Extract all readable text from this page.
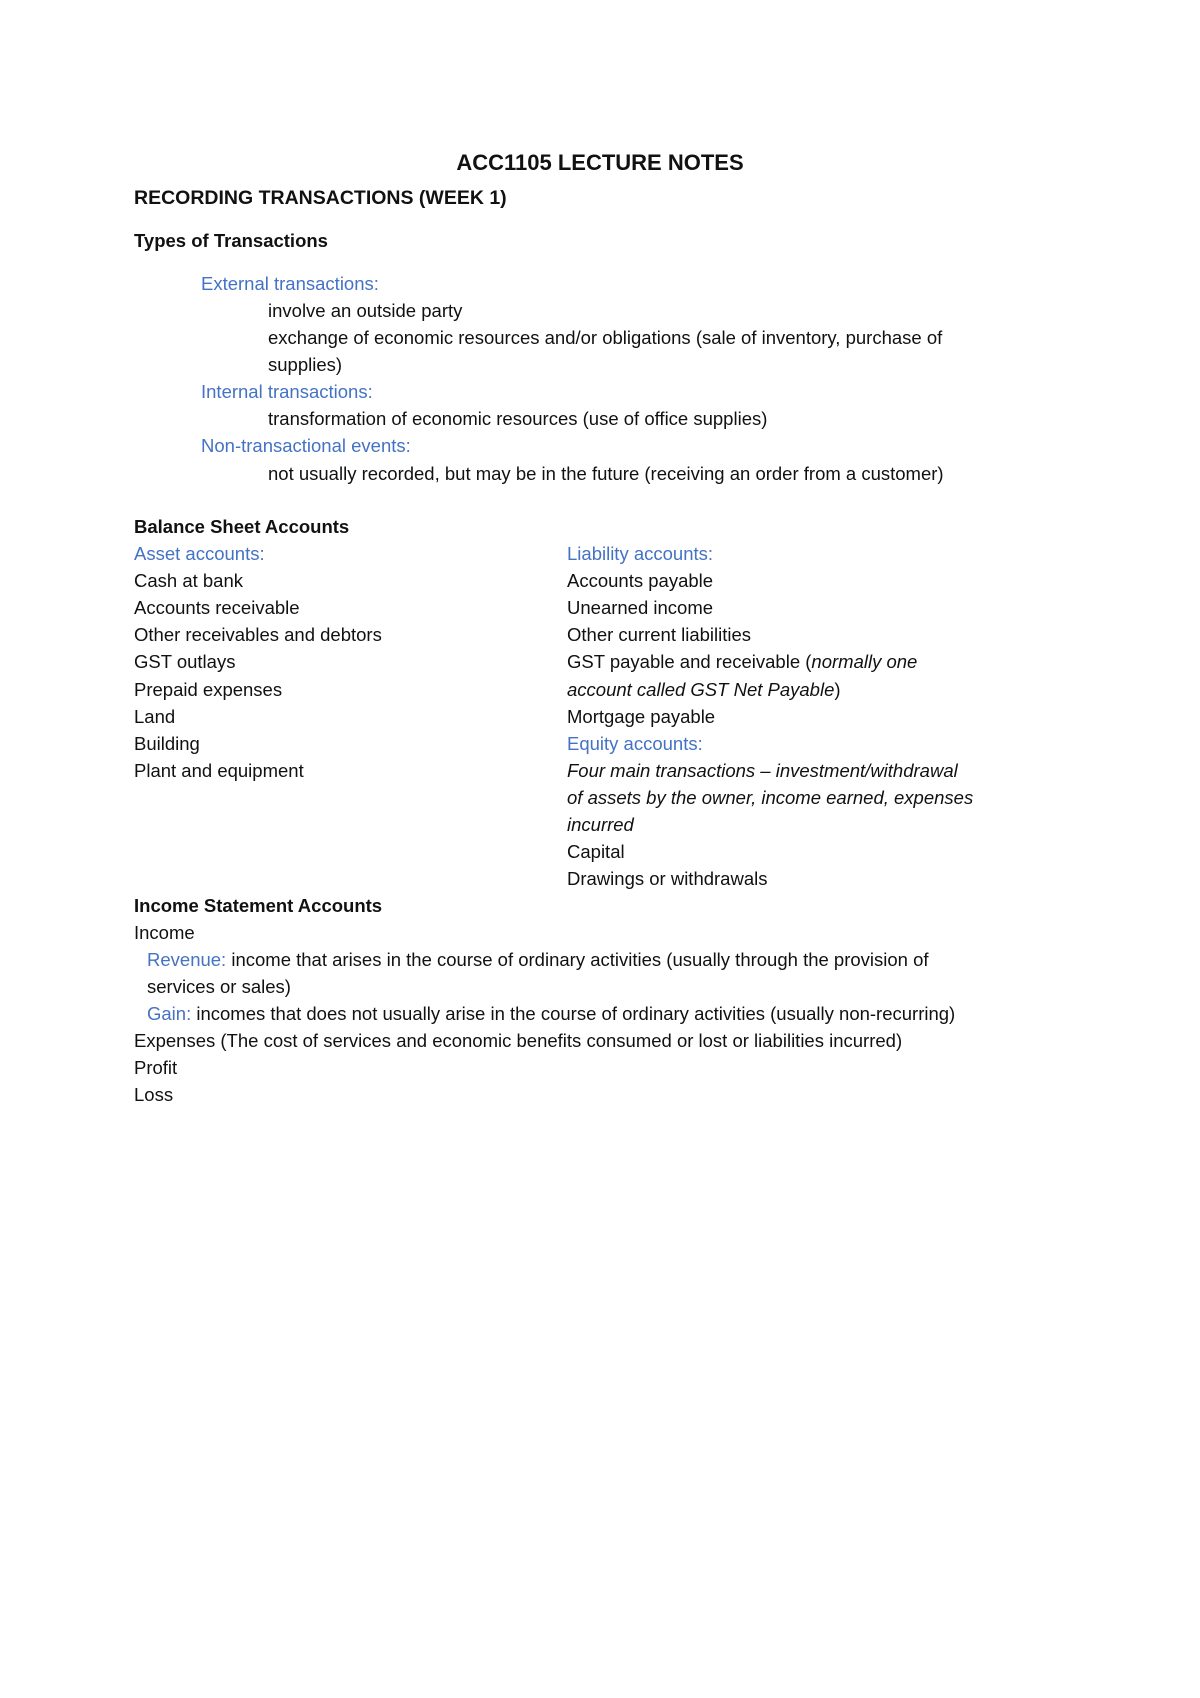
ACC1105 LECTURE NOTES
RECORDING TRANSACTIONS (WEEK 1)
Types of Transactions
External transactions:
involve an outside party
exchange of economic resources and/or obligations (sale of inventory, purchase of
supplies)
Internal transactions:
transformation of economic resources (use of office supplies)
Non-transactional events:
not usually recorded, but may be in the future (receiving an order from a customer)
Balance Sheet Accounts
Asset accounts:
Cash at bank
Accounts receivable
Other receivables and debtors
GST outlays
Prepaid expenses
Land
Building
Plant and equipment
Liability accounts:
Accounts payable
Unearned income
Other current liabilities
GST payable and receivable (normally one
account called GST Net Payable)
Mortgage payable
Equity accounts:
Four main transactions – investment/withdrawal
of assets by the owner, income earned, expenses
incurred
Capital
Drawings or withdrawals
Income Statement Accounts
Income
Revenue: income that arises in the course of ordinary activities (usually through the provision of
services or sales)
Gain: incomes that does not usually arise in the course of ordinary activities (usually non-recurring)
Expenses (The cost of services and economic benefits consumed or lost or liabilities incurred)
Profit
Loss
